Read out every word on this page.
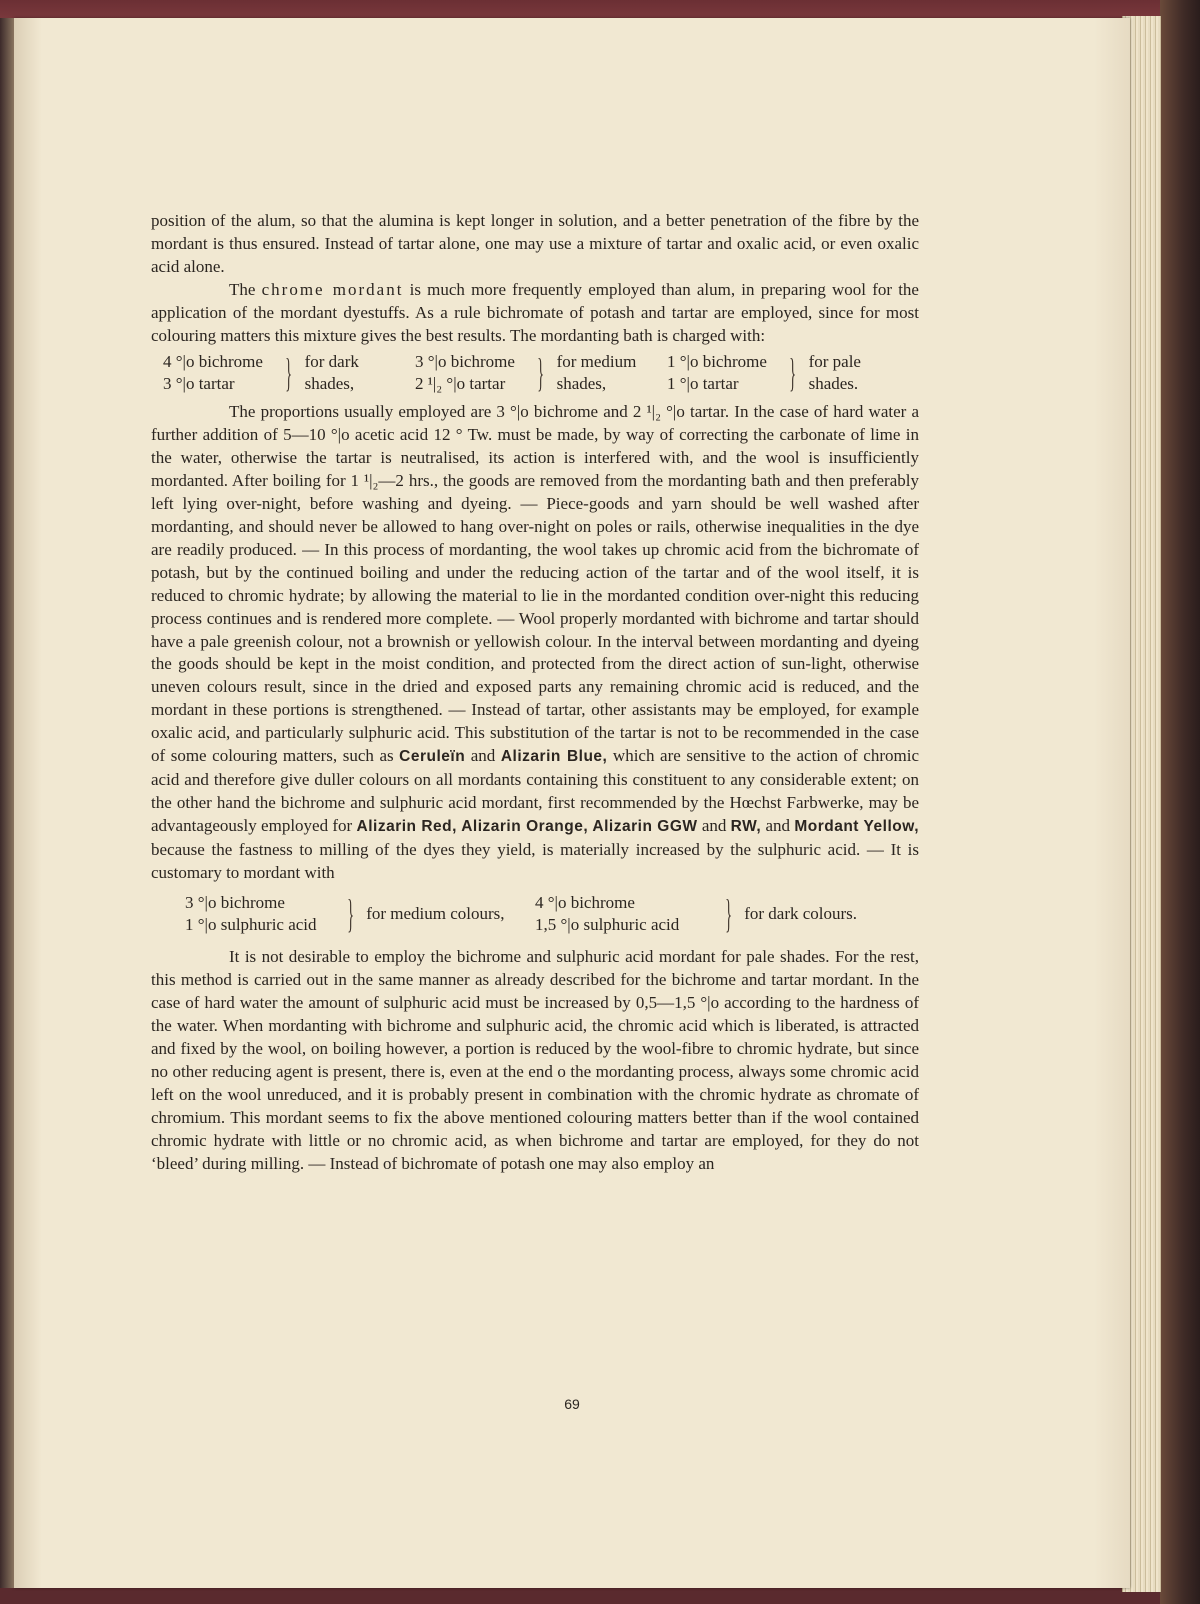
position of the alum, so that the alumina is kept longer in solution, and a better penetration of the fibre by the mordant is thus ensured. Instead of tartar alone, one may use a mixture of tartar and oxalic acid, or even oxalic acid alone.

The chrome mordant is much more frequently employed than alum, in preparing wool for the application of the mordant dyestuffs. As a rule bichromate of potash and tartar are employed, since for most colouring matters this mixture gives the best results. The mordanting bath is charged with:

4 °|o bichrome
3 °|o tartar	} for dark
shades,
3 °|o bichrome
2 ¹|₂ °|o tartar } for medium
shades,
1 °|o bichrome
1 °|o tartar	} for pale
shades.

The proportions usually employed are 3 °|o bichrome and 2 ¹|₂ °|o tartar. In the case of hard water a further addition of 5—10 °|o acetic acid 12 ° Tw. must be made, by way of correcting the carbonate of lime in the water, otherwise the tartar is neutralised, its action is interfered with, and the wool is insufficiently mordanted. After boiling for 1 ¹|₂—2 hrs., the goods are removed from the mordanting bath and then preferably left lying over-night, before washing and dyeing. — Piece-goods and yarn should be well washed after mordanting, and should never be allowed to hang over-night on poles or rails, otherwise inequalities in the dye are readily produced. — In this process of mordanting, the wool takes up chromic acid from the bichromate of potash, but by the continued boiling and under the reducing action of the tartar and of the wool itself, it is reduced to chromic hydrate; by allowing the material to lie in the mordanted condition over-night this reducing process continues and is rendered more complete. — Wool properly mordanted with bichrome and tartar should have a pale greenish colour, not a brownish or yellowish colour. In the interval between mordanting and dyeing the goods should be kept in the moist condition, and protected from the direct action of sun-light, otherwise uneven colours result, since in the dried and exposed parts any remaining chromic acid is reduced, and the mordant in these portions is strengthened. — Instead of tartar, other assistants may be employed, for example oxalic acid, and particularly sulphuric acid. This substitution of the tartar is not to be recommended in the case of some colouring matters, such as Ceruleïn and Alizarin Blue, which are sensitive to the action of chromic acid and therefore give duller colours on all mordants containing this constituent to any considerable extent; on the other hand the bichrome and sulphuric acid mordant, first recommended by the Hœchst Farbwerke, may be advantageously employed for Alizarin Red, Alizarin Orange, Alizarin GGW and RW, and Mordant Yellow, because the fastness to milling of the dyes they yield, is materially increased by the sulphuric acid. — It is customary to mordant with

3 °|o bichrome
1 °|o sulphuric acid } for medium colours,
4 °|o bichrome
1,5 °|o sulphuric acid	} for dark colours.

It is not desirable to employ the bichrome and sulphuric acid mordant for pale shades. For the rest, this method is carried out in the same manner as already described for the bichrome and tartar mordant. In the case of hard water the amount of sulphuric acid must be increased by 0,5—1,5 °|o according to the hardness of the water. When mordanting with bichrome and sulphuric acid, the chromic acid which is liberated, is attracted and fixed by the wool, on boiling however, a portion is reduced by the wool-fibre to chromic hydrate, but since no other reducing agent is present, there is, even at the end o the mordanting process, always some chromic acid left on the wool unreduced, and it is probably present in combination with the chromic hydrate as chromate of chromium. This mordant seems to fix the above mentioned colouring matters better than if the wool contained chromic hydrate with little or no chromic acid, as when bichrome and tartar are employed, for they do not ‘bleed’ during milling. — Instead of bichromate of potash one may also employ an

69
